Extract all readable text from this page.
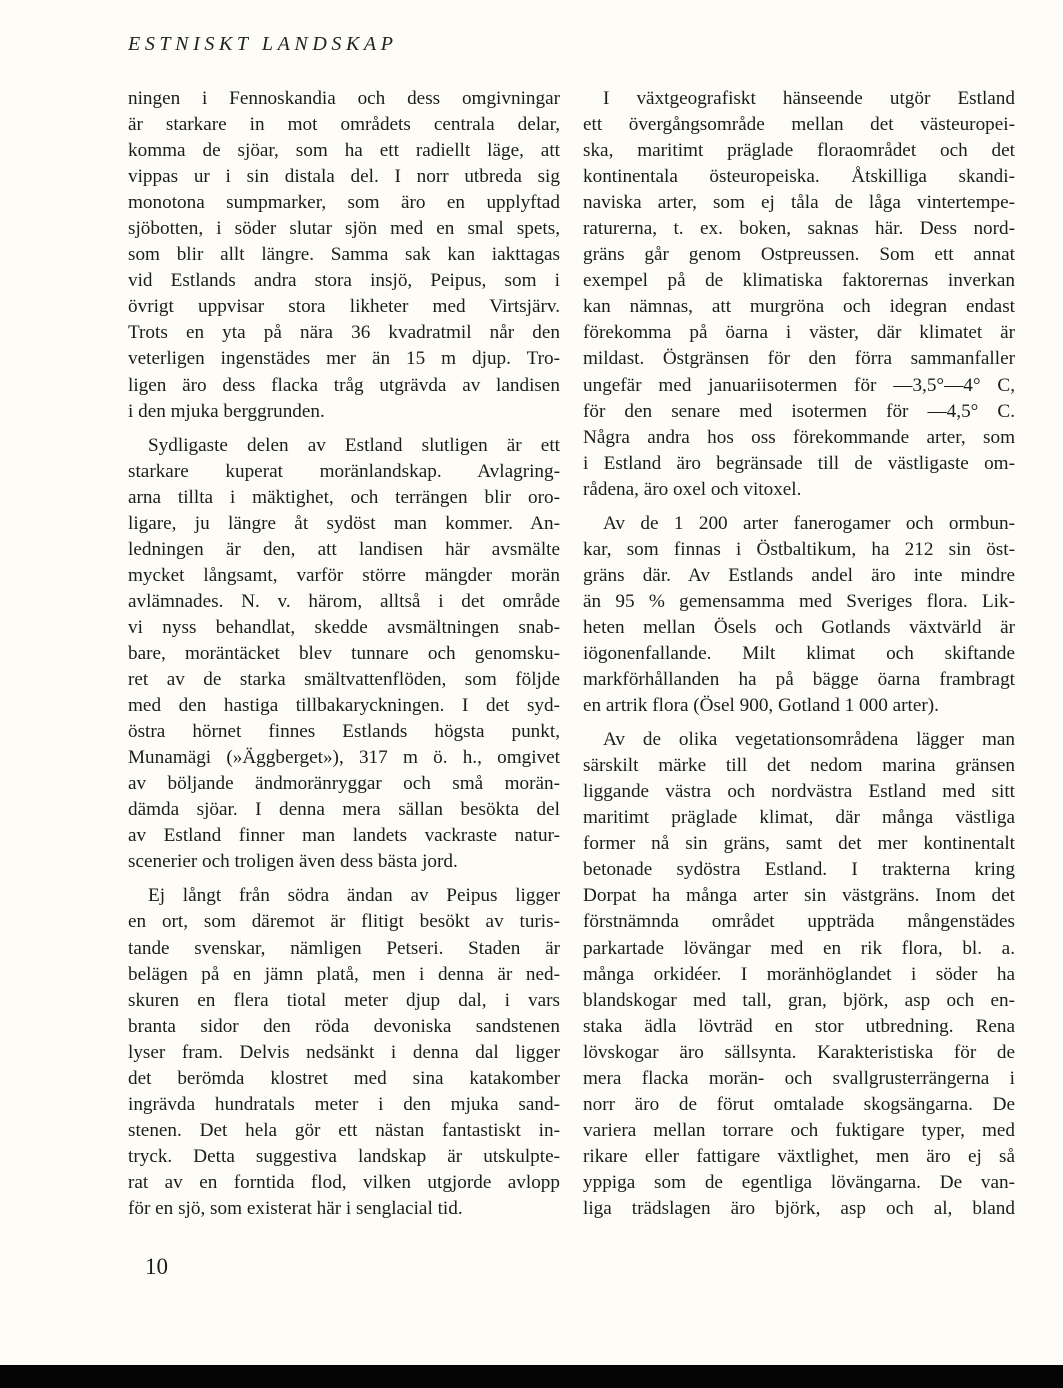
ESTNISKT LANDSKAP

ningen i Fennoskandia och dess omgivningar
är starkare in mot områdets centrala delar,
komma de sjöar, som ha ett radiellt läge, att
vippas ur i sin distala del. I norr utbreda sig
monotona sumpmarker, som äro en upplyftad
sjöbotten, i söder slutar sjön med en smal spets,
som blir allt längre. Samma sak kan iakttagas
vid Estlands andra stora insjö, Peipus, som i
övrigt uppvisar stora likheter med Virtsjärv.
Trots en yta på nära 36 kvadratmil når den
veterligen ingenstädes mer än 15 m djup. Tro-
ligen äro dess flacka tråg utgrävda av landisen
i den mjuka berggrunden.

Sydligaste delen av Estland slutligen är ett
starkare kuperat moränlandskap. Avlagring-
arna tillta i mäktighet, och terrängen blir oro-
ligare, ju längre åt sydöst man kommer. An-
ledningen är den, att landisen här avsmälte
mycket långsamt, varför större mängder morän
avlämnades. N. v. härom, alltså i det område
vi nyss behandlat, skedde avsmältningen snab-
bare, moräntäcket blev tunnare och genomsku-
ret av de starka smältvattenflöden, som följde
med den hastiga tillbakaryckningen. I det syd-
östra hörnet finnes Estlands högsta punkt,
Munamägi (»Äggberget»), 317 m ö. h., omgivet
av böljande ändmoränryggar och små morän-
dämda sjöar. I denna mera sällan besökta del
av Estland finner man landets vackraste natur-
scenerier och troligen även dess bästa jord.

Ej långt från södra ändan av Peipus ligger
en ort, som däremot är flitigt besökt av turis-
tande svenskar, nämligen Petseri. Staden är
belägen på en jämn platå, men i denna är ned-
skuren en flera tiotal meter djup dal, i vars
branta sidor den röda devoniska sandstenen
lyser fram. Delvis nedsänkt i denna dal ligger
det berömda klostret med sina katakomber
ingrävda hundratals meter i den mjuka sand-
stenen. Det hela gör ett nästan fantastiskt in-
tryck. Detta suggestiva landskap är utskulpte-
rat av en forntida flod, vilken utgjorde avlopp
för en sjö, som existerat här i senglacial tid.

I växtgeografiskt hänseende utgör Estland
ett övergångsområde mellan det västeuropei-
ska, maritimt präglade floraområdet och det
kontinentala östeuropeiska. Åtskilliga skandi-
naviska arter, som ej tåla de låga vintertempe-
raturerna, t. ex. boken, saknas här. Dess nord-
gräns går genom Ostpreussen. Som ett annat
exempel på de klimatiska faktorernas inverkan
kan nämnas, att murgröna och idegran endast
förekomma på öarna i väster, där klimatet är
mildast. Östgränsen för den förra sammanfaller
ungefär med januariisotermen för —3,5°—4° C,
för den senare med isotermen för —4,5° C.
Några andra hos oss förekommande arter, som
i Estland äro begränsade till de västligaste om-
rådena, äro oxel och vitoxel.

Av de 1 200 arter fanerogamer och ormbun-
kar, som finnas i Östbaltikum, ha 212 sin öst-
gräns där. Av Estlands andel äro inte mindre
än 95 % gemensamma med Sveriges flora. Lik-
heten mellan Ösels och Gotlands växtvärld är
iögonenfallande. Milt klimat och skiftande
markförhållanden ha på bägge öarna frambragt
en artrik flora (Ösel 900, Gotland 1 000 arter).

Av de olika vegetationsområdena lägger man
särskilt märke till det nedom marina gränsen
liggande västra och nordvästra Estland med sitt
maritimt präglade klimat, där många västliga
former nå sin gräns, samt det mer kontinentalt
betonade sydöstra Estland. I trakterna kring
Dorpat ha många arter sin västgräns. Inom det
förstnämnda området uppträda mångenstädes
parkartade lövängar med en rik flora, bl. a.
många orkidéer. I moränhöglandet i söder ha
blandskogar med tall, gran, björk, asp och en-
staka ädla lövträd en stor utbredning. Rena
lövskogar äro sällsynta. Karakteristiska för de
mera flacka morän- och svallgrusterrängerna i
norr äro de förut omtalade skogsängarna. De
variera mellan torrare och fuktigare typer, med
rikare eller fattigare växtlighet, men äro ej så
yppiga som de egentliga lövängarna. De van-
liga trädslagen äro björk, asp och al, bland

10
